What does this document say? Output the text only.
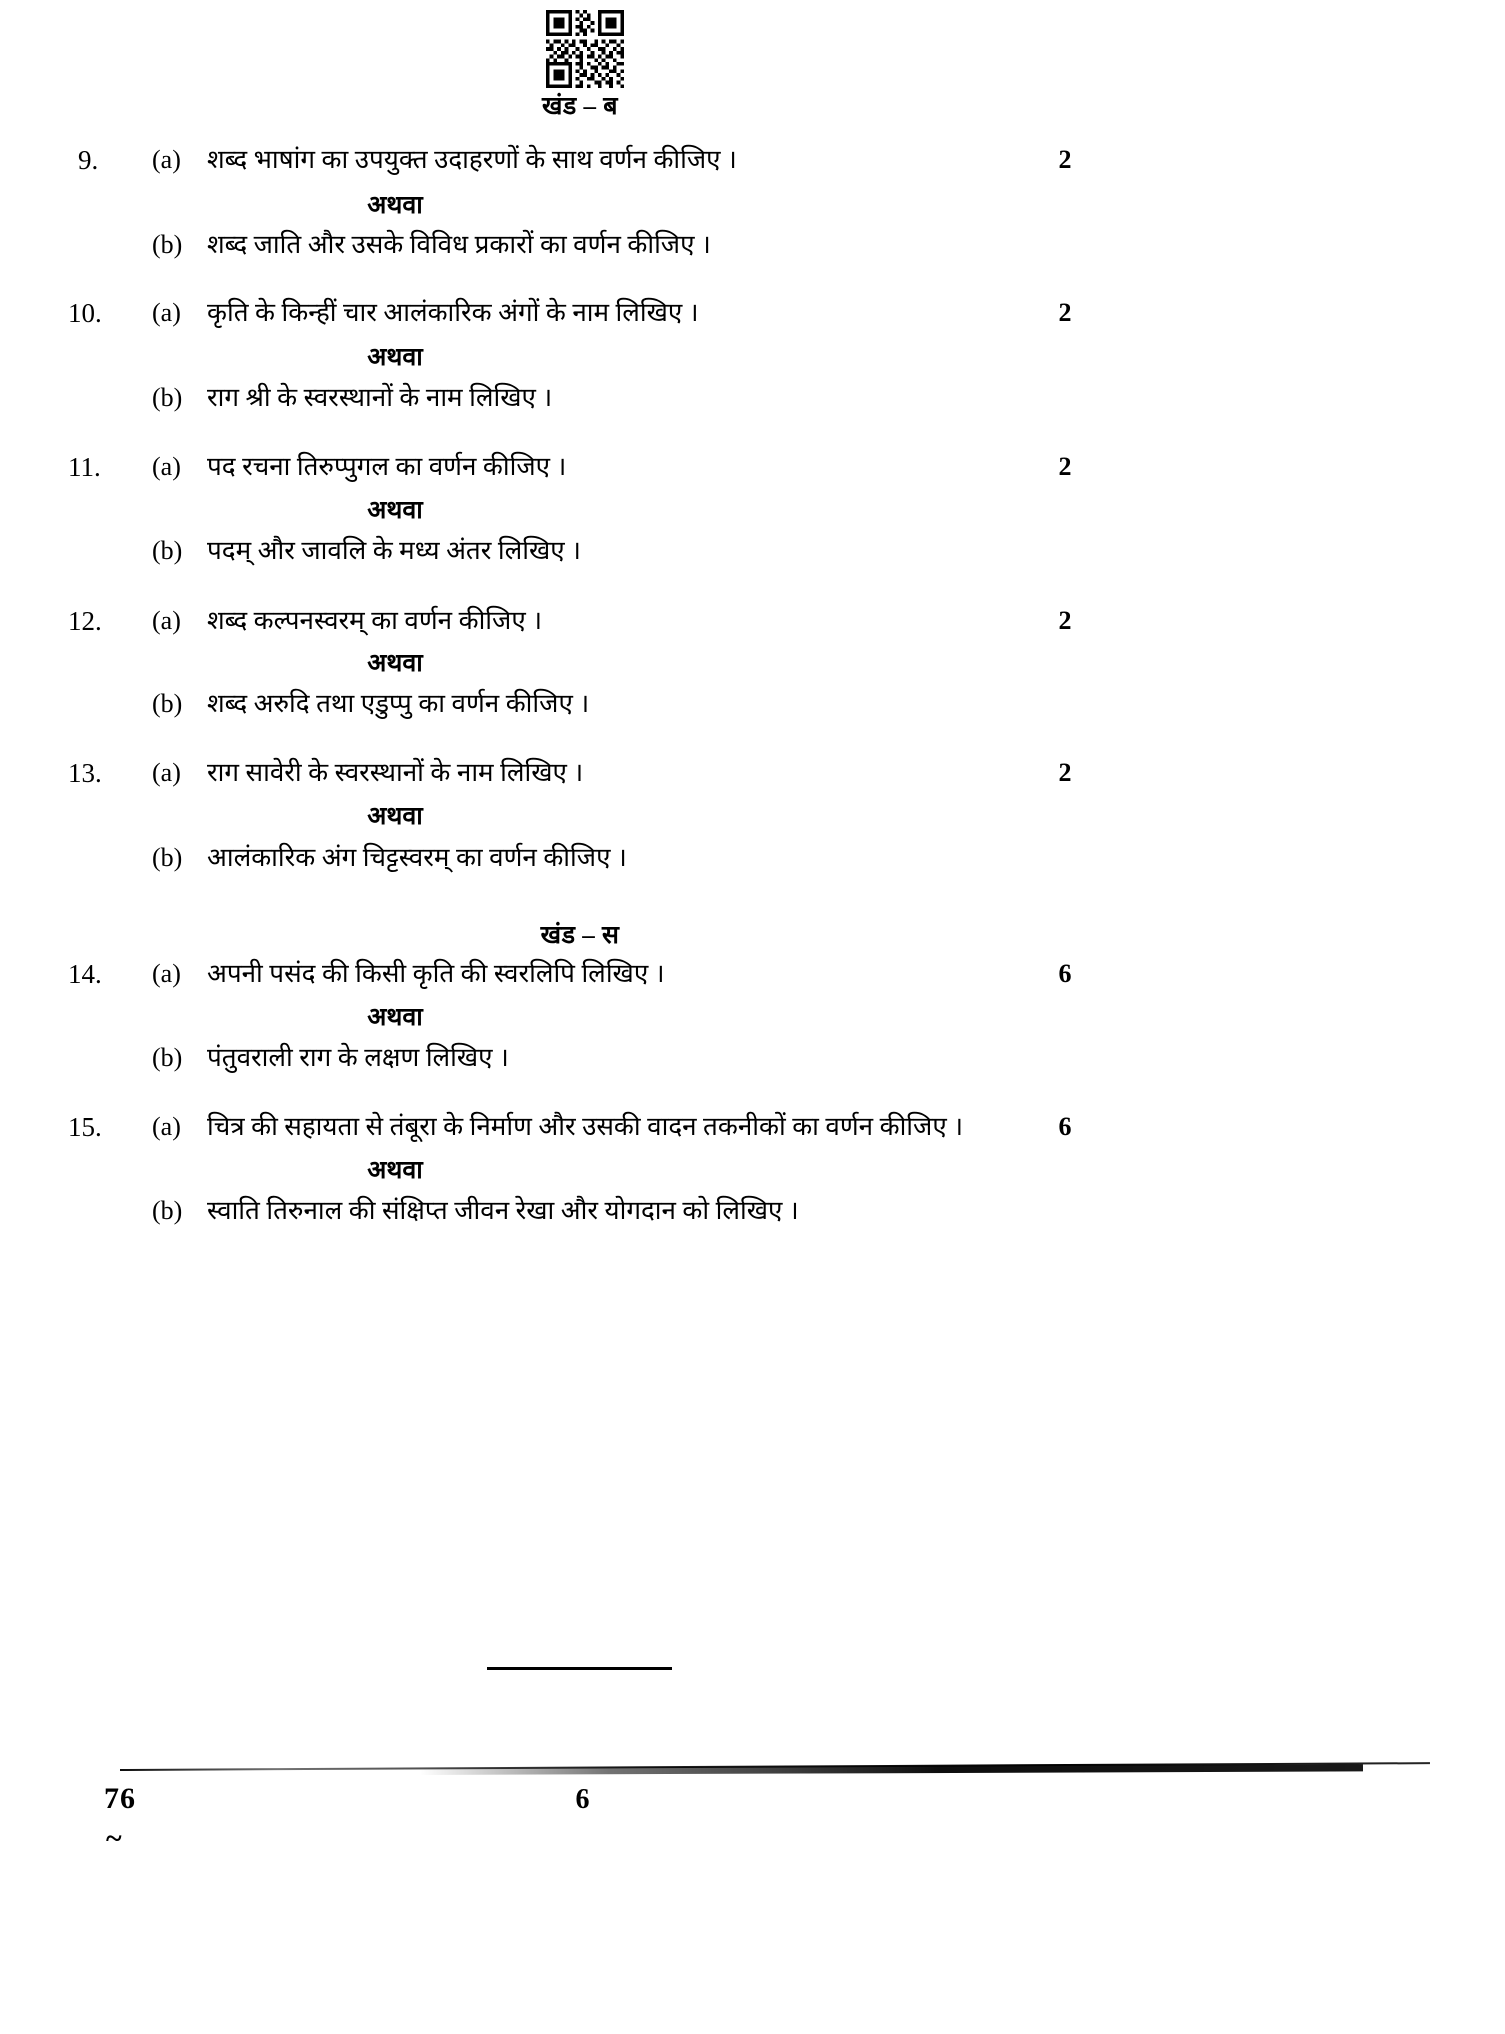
खंड – ब
9.	(a)	शब्द भाषांग का उपयुक्त उदाहरणों के साथ वर्णन कीजिए ।	2
अथवा
(b) शब्द जाति और उसके विविध प्रकारों का वर्णन कीजिए ।
10.	(a)	कृति के किन्हीं चार आलंकारिक अंगों के नाम लिखिए ।	2
अथवा
(b) राग श्री के स्वरस्थानों के नाम लिखिए ।
11.	(a)	पद रचना तिरुप्पुगल का वर्णन कीजिए ।	2
अथवा
(b) पदम् और जावलि के मध्य अंतर लिखिए ।
12.	(a)	शब्द कल्पनस्वरम् का वर्णन कीजिए ।	2
अथवा
(b) शब्द अरुदि तथा एडुप्पु का वर्णन कीजिए ।
13.	(a)	राग सावेरी के स्वरस्थानों के नाम लिखिए ।	2
अथवा
(b) आलंकारिक अंग चिट्टस्वरम् का वर्णन कीजिए ।
खंड – स
14.	(a)	अपनी पसंद की किसी कृति की स्वरलिपि लिखिए ।	6
अथवा
(b) पंतुवराली राग के लक्षण लिखिए ।
15.	(a)	चित्र की सहायता से तंबूरा के निर्माण और उसकी वादन तकनीकों का वर्णन कीजिए ।	6
अथवा
(b) स्वाति तिरुनाल की संक्षिप्त जीवन रेखा और योगदान को लिखिए ।
76	6
~
